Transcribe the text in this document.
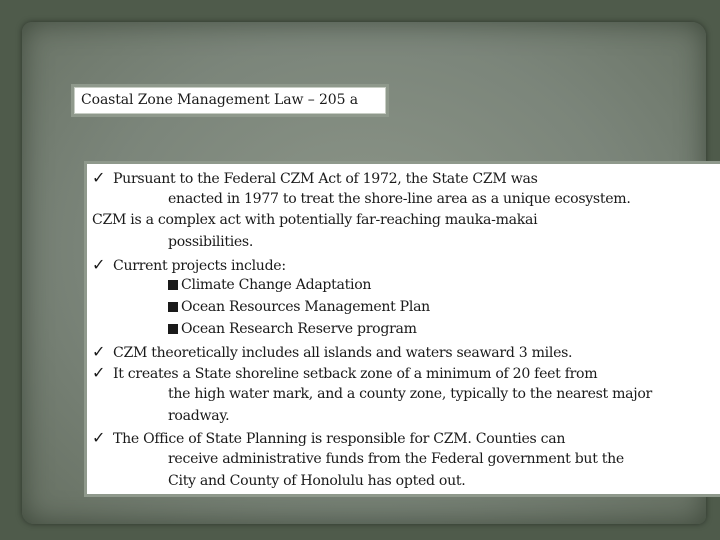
Coastal Zone Management Law – 205 a
✓ Pursuant to the Federal CZM Act of 1972, the State CZM was
enacted in 1977 to treat the shore-line area as a unique ecosystem.
CZM is a complex act with potentially far-reaching mauka-makai
possibilities.
✓ Current projects include:
Climate Change Adaptation
Ocean Resources Management Plan
Ocean Research Reserve program
✓ CZM theoretically includes all islands and waters seaward 3 miles.
✓ It creates a State shoreline setback zone of a minimum of 20 feet from
the high water mark, and a county zone, typically to the nearest major
roadway.
✓ The Office of State Planning is responsible for CZM. Counties can
receive administrative funds from the Federal government but the
City and County of Honolulu has opted out.
